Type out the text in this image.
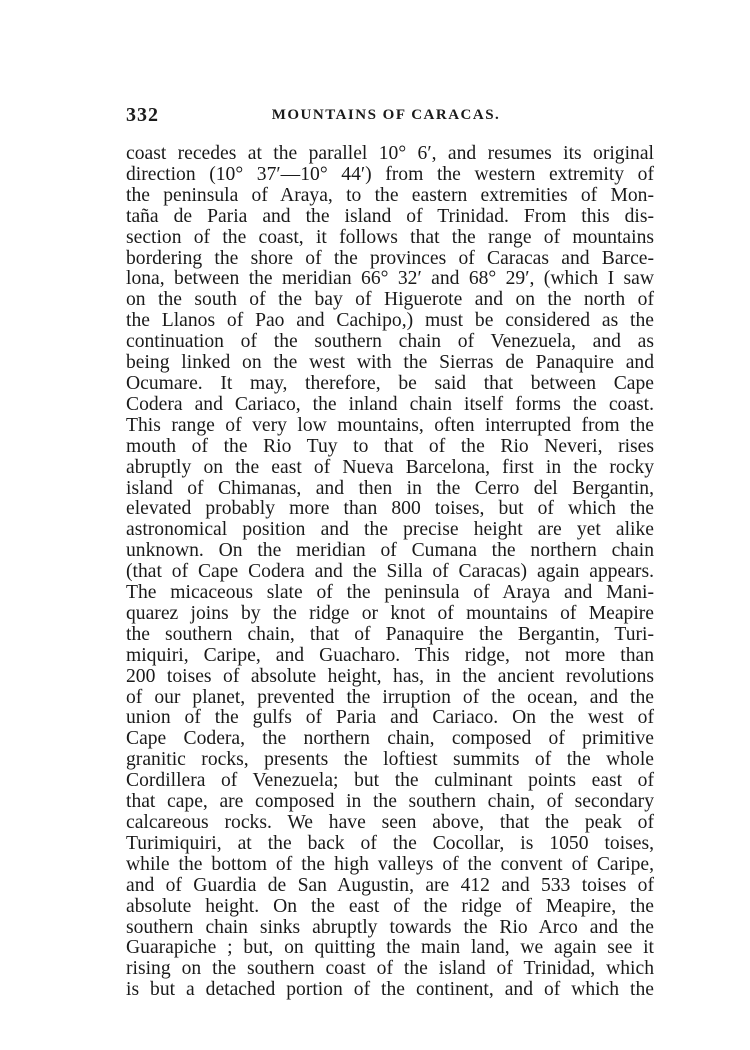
332	MOUNTAINS OF CARACAS.
coast recedes at the parallel 10° 6′, and resumes its original
direction (10° 37′—10° 44′) from the western extremity of
the peninsula of Araya, to the eastern extremities of Mon-
taña de Paria and the island of Trinidad. From this dis-
section of the coast, it follows that the range of mountains
bordering the shore of the provinces of Caracas and Barce-
lona, between the meridian 66° 32′ and 68° 29′, (which I saw
on the south of the bay of Higuerote and on the north of
the Llanos of Pao and Cachipo,) must be considered as the
continuation of the southern chain of Venezuela, and as
being linked on the west with the Sierras de Panaquire and
Ocumare. It may, therefore, be said that between Cape
Codera and Cariaco, the inland chain itself forms the coast.
This range of very low mountains, often interrupted from the
mouth of the Rio Tuy to that of the Rio Neveri, rises
abruptly on the east of Nueva Barcelona, first in the rocky
island of Chimanas, and then in the Cerro del Bergantin,
elevated probably more than 800 toises, but of which the
astronomical position and the precise height are yet alike
unknown. On the meridian of Cumana the northern chain
(that of Cape Codera and the Silla of Caracas) again appears.
The micaceous slate of the peninsula of Araya and Mani-
quarez joins by the ridge or knot of mountains of Meapire
the southern chain, that of Panaquire the Bergantin, Turi-
miquiri, Caripe, and Guacharo. This ridge, not more than
200 toises of absolute height, has, in the ancient revolutions
of our planet, prevented the irruption of the ocean, and the
union of the gulfs of Paria and Cariaco. On the west of
Cape Codera, the northern chain, composed of primitive
granitic rocks, presents the loftiest summits of the whole
Cordillera of Venezuela; but the culminant points east of
that cape, are composed in the southern chain, of secondary
calcareous rocks. We have seen above, that the peak of
Turimiquiri, at the back of the Cocollar, is 1050 toises,
while the bottom of the high valleys of the convent of Caripe,
and of Guardia de San Augustin, are 412 and 533 toises of
absolute height. On the east of the ridge of Meapire, the
southern chain sinks abruptly towards the Rio Arco and the
Guarapiche ; but, on quitting the main land, we again see it
rising on the southern coast of the island of Trinidad, which
is but a detached portion of the continent, and of which the
